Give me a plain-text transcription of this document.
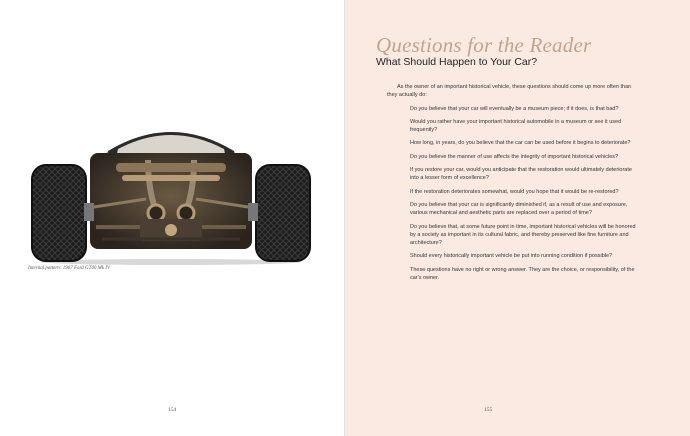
Internal pattern: 1967 Ford GT40 Mk IV
154
Questions for the Reader
What Should Happen to Your Car?

As the owner of an important historical vehicle, these questions should come up more often than they actually do:

Do you believe that your car will eventually be a museum piece; if it does, is that bad?

Would you rather have your important historical automobile in a museum or see it used frequently?

How long, in years, do you believe that the car can be used before it begins to deteriorate?

Do you believe the manner of use affects the integrity of important historical vehicles?

If you restore your car, would you anticipate that the restoration would ultimately deteriorate into a lesser form of excellence?

If the restoration deteriorates somewhat, would you hope that it would be re-restored?

Do you believe that your car is significantly diminished if, as a result of use and exposure, various mechanical and aesthetic parts are replaced over a period of time?

Do you believe that, at some future point in time, important historical vehicles will be honored by a society as important in its cultural fabric, and thereby preserved like fine furniture and architecture?

Should every historically important vehicle be put into running condition if possible?

These questions have no right or wrong answer. They are the choice, or responsibility, of the car's owner.

155
